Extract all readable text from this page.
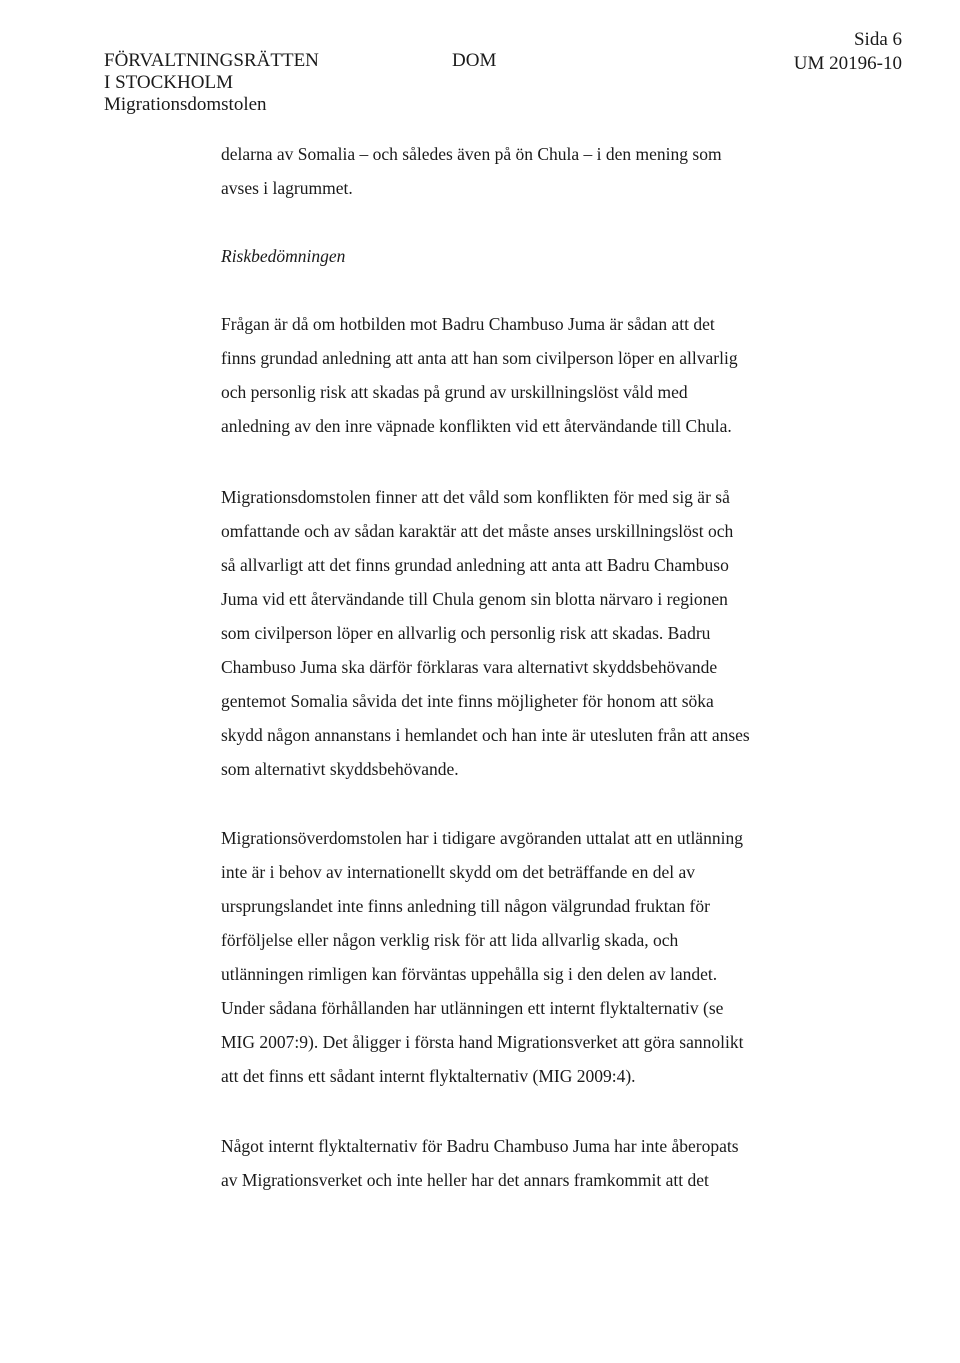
FÖRVALTNINGSRÄTTEN
I STOCKHOLM
Migrationsdomstolen
DOM
Sida 6
UM 20196-10
delarna av Somalia – och således även på ön Chula – i den mening som
avses i lagrummet.
Riskbedömningen
Frågan är då om hotbilden mot Badru Chambuso Juma är sådan att det
finns grundad anledning att anta att han som civilperson löper en allvarlig
och personlig risk att skadas på grund av urskillningslöst våld med
anledning av den inre väpnade konflikten vid ett återvändande till Chula.
Migrationsdomstolen finner att det våld som konflikten för med sig är så
omfattande och av sådan karaktär att det måste anses urskillningslöst och
så allvarligt att det finns grundad anledning att anta att Badru Chambuso
Juma vid ett återvändande till Chula genom sin blotta närvaro i regionen
som civilperson löper en allvarlig och personlig risk att skadas. Badru
Chambuso Juma ska därför förklaras vara alternativt skyddsbehövande
gentemot Somalia såvida det inte finns möjligheter för honom att söka
skydd någon annanstans i hemlandet och han inte är utesluten från att anses
som alternativt skyddsbehövande.
Migrationsöverdomstolen har i tidigare avgöranden uttalat att en utlänning
inte är i behov av internationellt skydd om det beträffande en del av
ursprungslandet inte finns anledning till någon välgrundad fruktan för
förföljelse eller någon verklig risk för att lida allvarlig skada, och
utlänningen rimligen kan förväntas uppehålla sig i den delen av landet.
Under sådana förhållanden har utlänningen ett internt flyktalternativ (se
MIG 2007:9). Det åligger i första hand Migrationsverket att göra sannolikt
att det finns ett sådant internt flyktalternativ (MIG 2009:4).
Något internt flyktalternativ för Badru Chambuso Juma har inte åberopats
av Migrationsverket och inte heller har det annars framkommit att det
